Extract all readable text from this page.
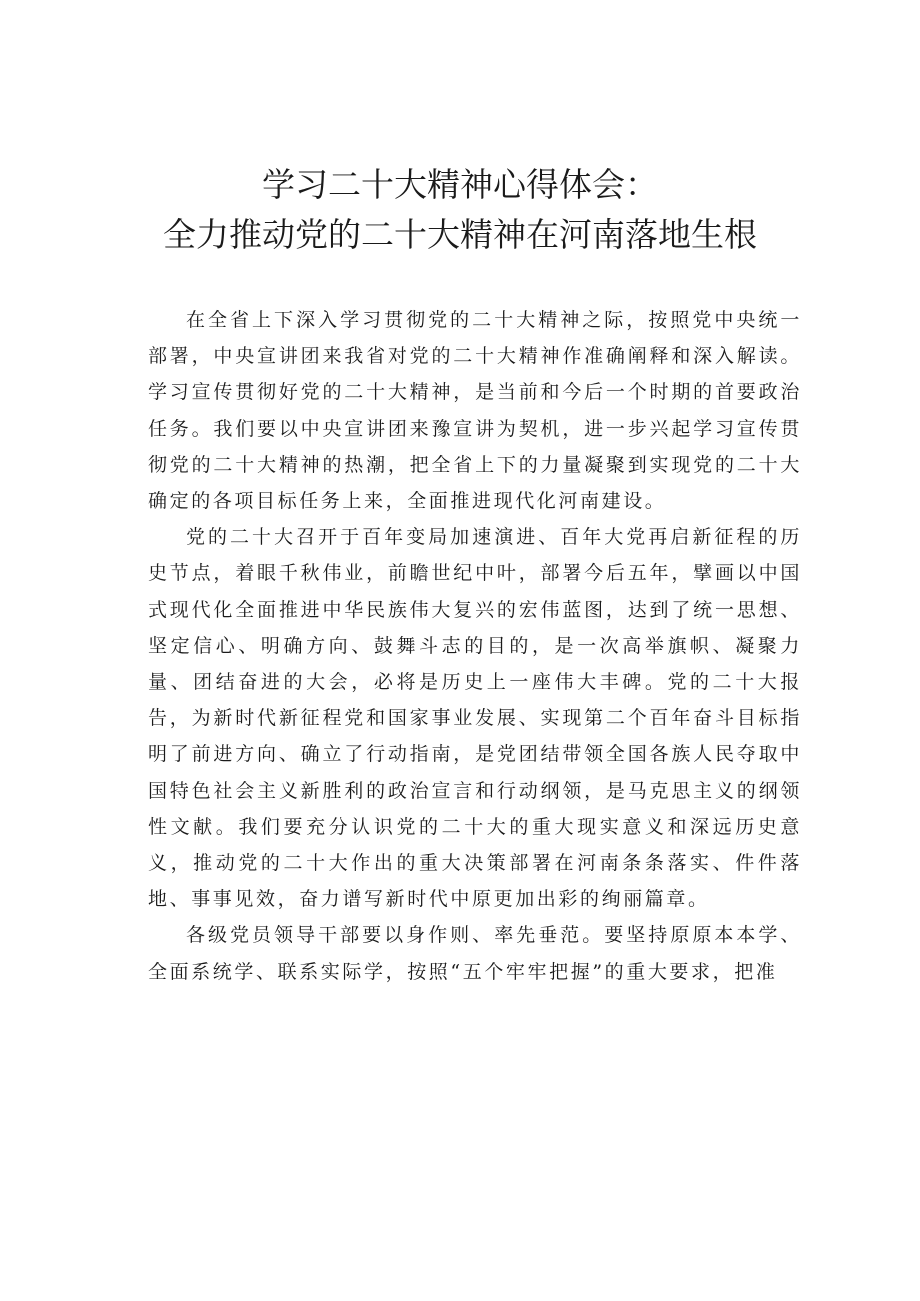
学习二十大精神心得体会：
全力推动党的二十大精神在河南落地生根

在全省上下深入学习贯彻党的二十大精神之际，按照党中央统一部署，中央宣讲团来我省对党的二十大精神作准确阐释和深入解读。学习宣传贯彻好党的二十大精神，是当前和今后一个时期的首要政治任务。我们要以中央宣讲团来豫宣讲为契机，进一步兴起学习宣传贯彻党的二十大精神的热潮，把全省上下的力量凝聚到实现党的二十大确定的各项目标任务上来，全面推进现代化河南建设。

党的二十大召开于百年变局加速演进、百年大党再启新征程的历史节点，着眼千秋伟业，前瞻世纪中叶，部署今后五年，擘画以中国式现代化全面推进中华民族伟大复兴的宏伟蓝图，达到了统一思想、坚定信心、明确方向、鼓舞斗志的目的，是一次高举旗帜、凝聚力量、团结奋进的大会，必将是历史上一座伟大丰碑。党的二十大报告，为新时代新征程党和国家事业发展、实现第二个百年奋斗目标指明了前进方向、确立了行动指南，是党团结带领全国各族人民夺取中国特色社会主义新胜利的政治宣言和行动纲领，是马克思主义的纲领性文献。我们要充分认识党的二十大的重大现实意义和深远历史意义，推动党的二十大作出的重大决策部署在河南条条落实、件件落地、事事见效，奋力谱写新时代中原更加出彩的绚丽篇章。

各级党员领导干部要以身作则、率先垂范。要坚持原原本本学、全面系统学、联系实际学，按照“五个牢牢把握”的重大要求，把准
